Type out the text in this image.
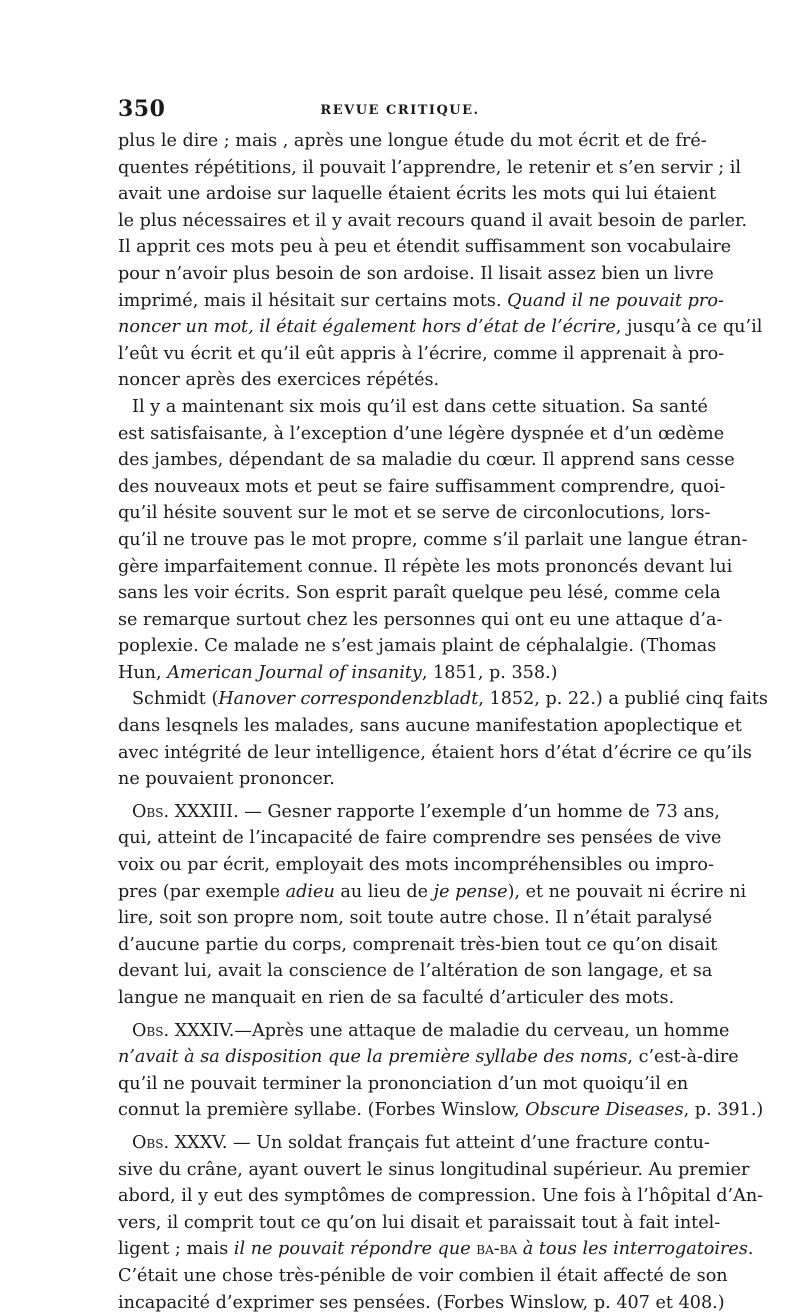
350	REVUE CRITIQUE.
plus le dire ; mais , après une longue étude du mot écrit et de fré-
quentes répétitions, il pouvait l’apprendre, le retenir et s’en servir ; il
avait une ardoise sur laquelle étaient écrits les mots qui lui étaient
le plus nécessaires et il y avait recours quand il avait besoin de parler.
Il apprit ces mots peu à peu et étendit suffisamment son vocabulaire
pour n’avoir plus besoin de son ardoise. Il lisait assez bien un livre
imprimé, mais il hésitait sur certains mots. Quand il ne pouvait pro-
noncer un mot, il était également hors d’état de l’écrire, jusqu’à ce qu’il
l’eût vu écrit et qu’il eût appris à l’écrire, comme il apprenait à pro-
noncer après des exercices répétés.
Il y a maintenant six mois qu’il est dans cette situation. Sa santé
est satisfaisante, à l’exception d’une légère dyspnée et d’un œdème
des jambes, dépendant de sa maladie du cœur. Il apprend sans cesse
des nouveaux mots et peut se faire suffisamment comprendre, quoi-
qu’il hésite souvent sur le mot et se serve de circonlocutions, lors-
qu’il ne trouve pas le mot propre, comme s’il parlait une langue étran-
gère imparfaitement connue. Il répète les mots prononcés devant lui
sans les voir écrits. Son esprit paraît quelque peu lésé, comme cela
se remarque surtout chez les personnes qui ont eu une attaque d’a-
poplexie. Ce malade ne s’est jamais plaint de céphalalgie. (Thomas
Hun, American Journal of insanity, 1851, p. 358.)
Schmidt (Hanover correspondenzbladt, 1852, p. 22.) a publié cinq faits
dans lesqnels les malades, sans aucune manifestation apoplectique et
avec intégrité de leur intelligence, étaient hors d’état d’écrire ce qu’ils
ne pouvaient prononcer.
Obs. XXXIII. — Gesner rapporte l’exemple d’un homme de 73 ans,
qui, atteint de l’incapacité de faire comprendre ses pensées de vive
voix ou par écrit, employait des mots incompréhensibles ou impro-
pres (par exemple adieu au lieu de je pense), et ne pouvait ni écrire ni
lire, soit son propre nom, soit toute autre chose. Il n’était paralysé
d’aucune partie du corps, comprenait très-bien tout ce qu’on disait
devant lui, avait la conscience de l’altération de son langage, et sa
langue ne manquait en rien de sa faculté d’articuler des mots.
Obs. XXXIV.—Après une attaque de maladie du cerveau, un homme
n’avait à sa disposition que la première syllabe des noms, c’est-à-dire
qu’il ne pouvait terminer la prononciation d’un mot quoiqu’il en
connut la première syllabe. (Forbes Winslow, Obscure Diseases, p. 391.)
Obs. XXXV. — Un soldat français fut atteint d’une fracture contu-
sive du crâne, ayant ouvert le sinus longitudinal supérieur. Au premier
abord, il y eut des symptômes de compression. Une fois à l’hôpital d’An-
vers, il comprit tout ce qu’on lui disait et paraissait tout à fait intel-
ligent ; mais il ne pouvait répondre que ba-ba à tous les interrogatoires.
C’était une chose très-pénible de voir combien il était affecté de son
incapacité d’exprimer ses pensées. (Forbes Winslow, p. 407 et 408.)
